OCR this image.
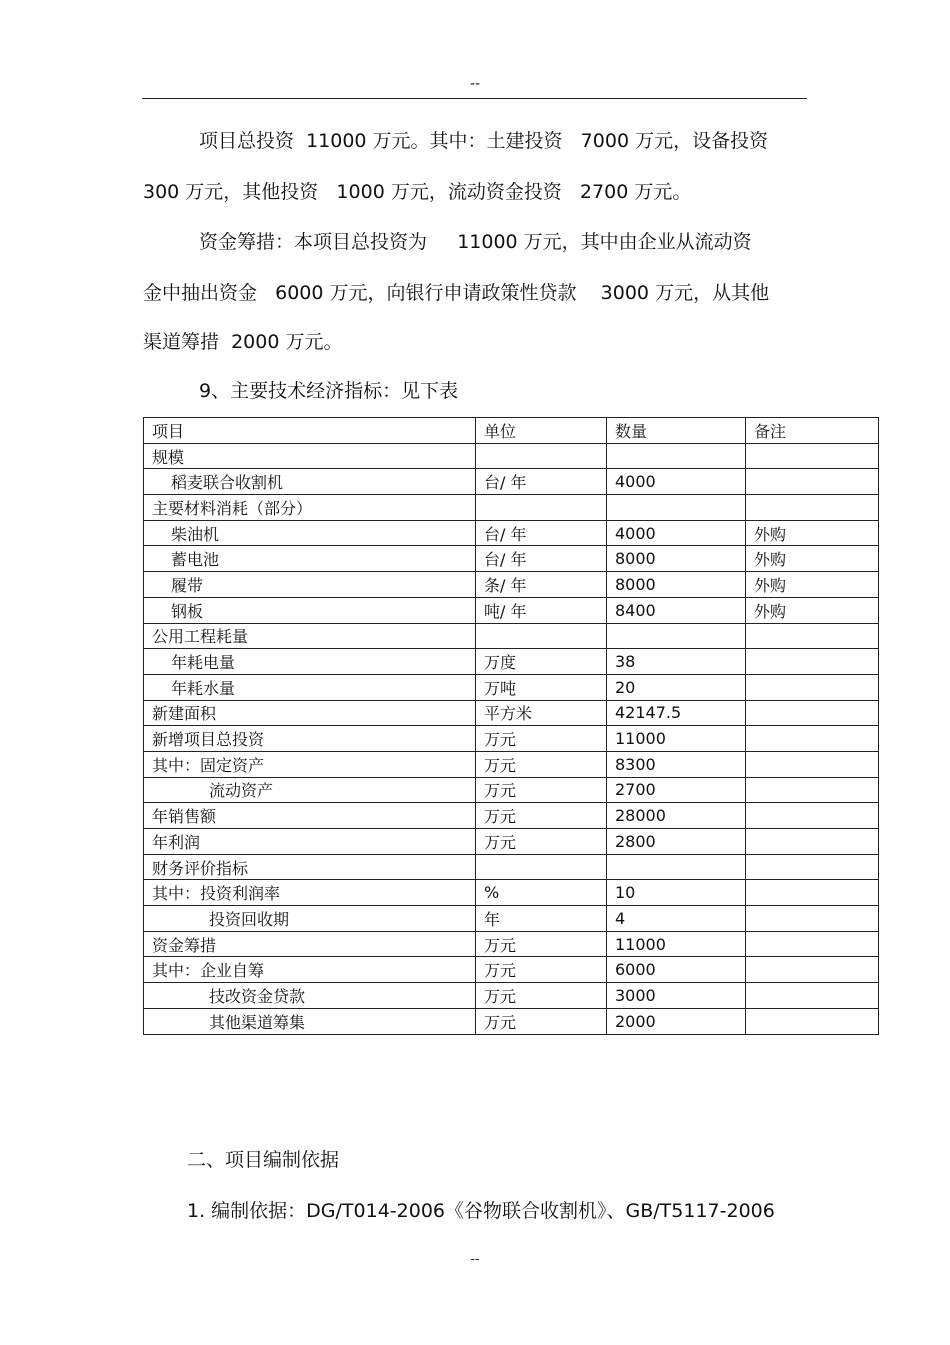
--
项目总投资  11000 万元。其中：土建投资   7000 万元，设备投资
300 万元，其他投资   1000 万元，流动资金投资   2700 万元。
资金筹措：本项目总投资为     11000 万元，其中由企业从流动资
金中抽出资金   6000 万元，向银行申请政策性贷款    3000 万元，从其他
渠道筹措  2000 万元。
9、主要技术经济指标：见下表
项目	单位	数量	备注
规模			
稻麦联合收割机	台/ 年	4000	
主要材料消耗（部分）			
柴油机	台/ 年	4000	外购
蓄电池	台/ 年	8000	外购
履带	条/ 年	8000	外购
钢板	吨/ 年	8400	外购
公用工程耗量			
年耗电量	万度	38	
年耗水量	万吨	20	
新建面积	平方米	42147.5	
新增项目总投资	万元	11000	
其中：固定资产	万元	8300	
流动资产	万元	2700	
年销售额	万元	28000	
年利润	万元	2800	
财务评价指标			
其中：投资利润率	%	10	
投资回收期	年	4	
资金筹措	万元	11000	
其中：企业自筹	万元	6000	
技改资金贷款	万元	3000	
其他渠道筹集	万元	2000	
二、项目编制依据
1. 编制依据：DG/T014-2006《谷物联合收割机》、GB/T5117-2006
--
